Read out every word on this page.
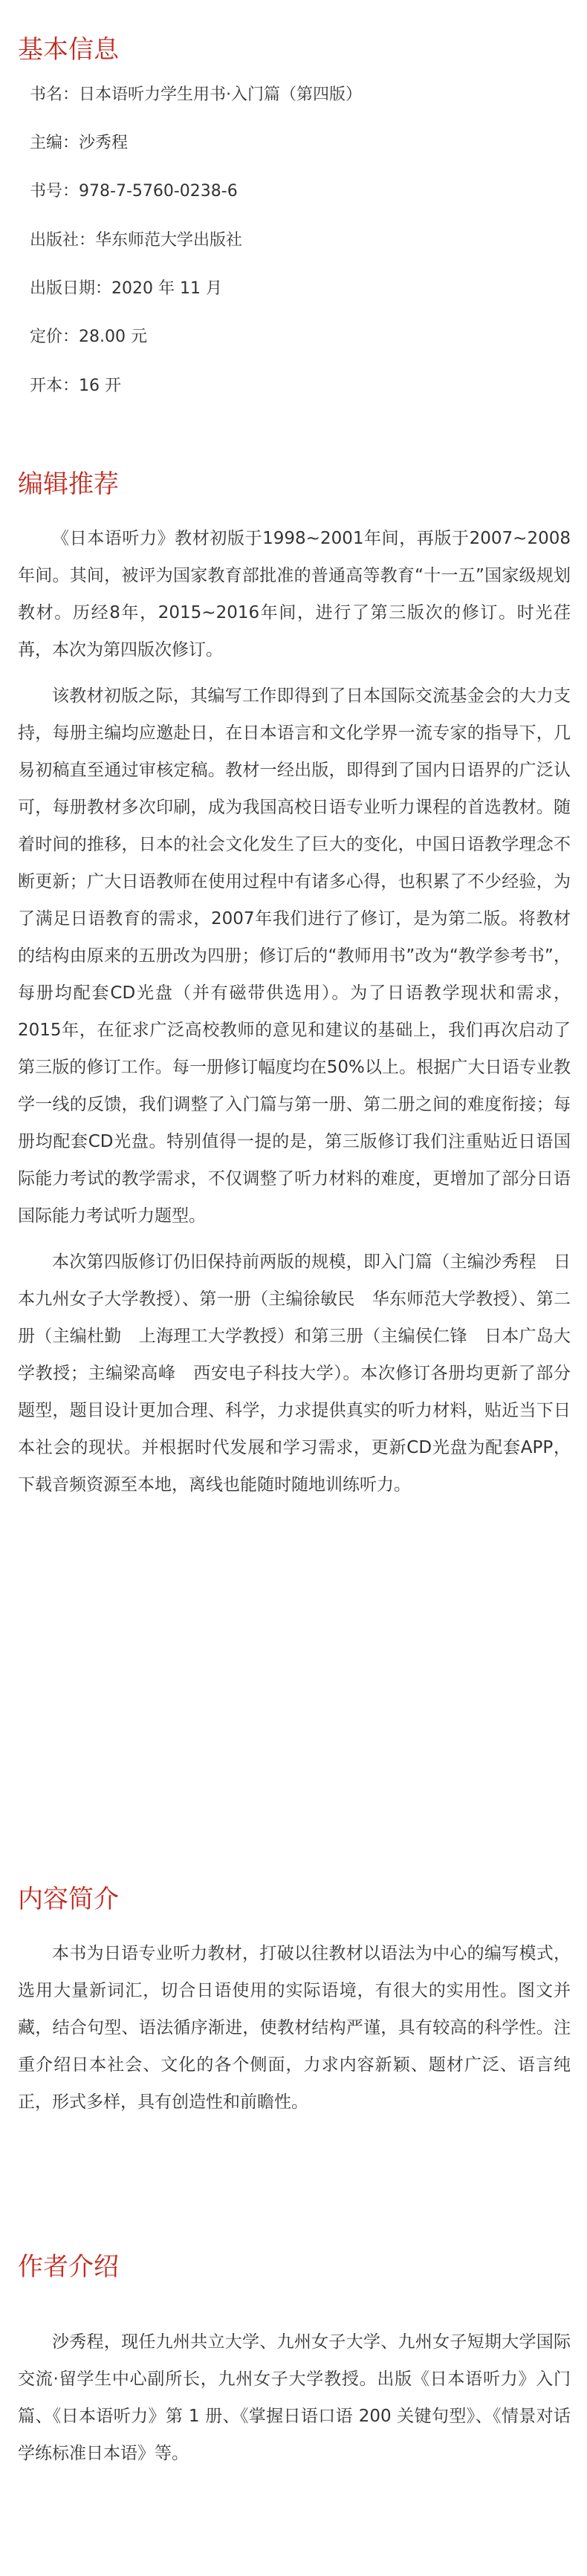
基本信息
书名：日本语听力学生用书·入门篇（第四版）
主编：沙秀程
书号：978-7-5760-0238-6
出版社：华东师范大学出版社
出版日期：2020 年 11 月
定价：28.00 元
开本：16 开
编辑推荐

《日本语听力》教材初版于1998~2001年间，再版于2007~2008年间。其间，被评为国家教育部批准的普通高等教育“十一五”国家级规划教材。历经8年，2015~2016年间，进行了第三版次的修订。时光荏苒，本次为第四版次修订。

该教材初版之际，其编写工作即得到了日本国际交流基金会的大力支持，每册主编均应邀赴日，在日本语言和文化学界一流专家的指导下，几易初稿直至通过审核定稿。教材一经出版，即得到了国内日语界的广泛认可，每册教材多次印刷，成为我国高校日语专业听力课程的首选教材。随着时间的推移，日本的社会文化发生了巨大的变化，中国日语教学理念不断更新；广大日语教师在使用过程中有诸多心得，也积累了不少经验，为了满足日语教育的需求，2007年我们进行了修订，是为第二版。将教材的结构由原来的五册改为四册；修订后的“教师用书”改为“教学参考书”，每册均配套CD光盘（并有磁带供选用）。为了日语教学现状和需求，2015年，在征求广泛高校教师的意见和建议的基础上，我们再次启动了第三版的修订工作。每一册修订幅度均在50%以上。根据广大日语专业教学一线的反馈，我们调整了入门篇与第一册、第二册之间的难度衔接；每册均配套CD光盘。特别值得一提的是，第三版修订我们注重贴近日语国际能力考试的教学需求，不仅调整了听力材料的难度，更增加了部分日语国际能力考试听力题型。

本次第四版修订仍旧保持前两版的规模，即入门篇（主编沙秀程　日本九州女子大学教授）、第一册（主编徐敏民　华东师范大学教授）、第二册（主编杜勤　上海理工大学教授）和第三册（主编侯仁锋　日本广岛大学教授；主编梁高峰　西安电子科技大学）。本次修订各册均更新了部分题型，题目设计更加合理、科学，力求提供真实的听力材料，贴近当下日本社会的现状。并根据时代发展和学习需求，更新CD光盘为配套APP，下载音频资源至本地，离线也能随时随地训练听力。

内容简介

本书为日语专业听力教材，打破以往教材以语法为中心的编写模式，选用大量新词汇，切合日语使用的实际语境，有很大的实用性。图文并藏，结合句型、语法循序渐进，使教材结构严谨，具有较高的科学性。注重介绍日本社会、文化的各个侧面，力求内容新颖、题材广泛、语言纯正，形式多样，具有创造性和前瞻性。

作者介绍

沙秀程，现任九州共立大学、九州女子大学、九州女子短期大学国际交流·留学生中心副所长，九州女子大学教授。出版《日本语听力》入门篇、《日本语听力》第 1 册、《掌握日语口语 200 关键句型》、《情景对话学练标准日本语》等。
